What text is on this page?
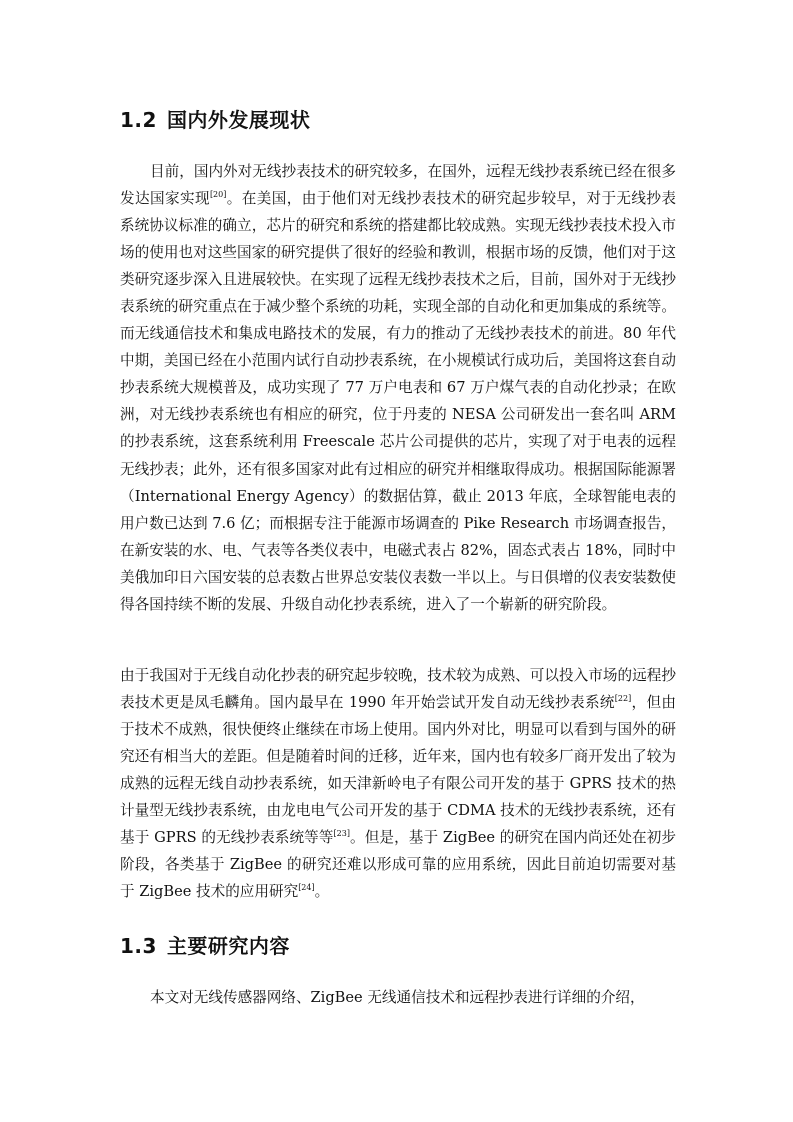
1.2 国内外发展现状

目前，国内外对无线抄表技术的研究较多，在国外，远程无线抄表系统已经在很多发达国家实现[20]。在美国，由于他们对无线抄表技术的研究起步较早，对于无线抄表系统协议标准的确立，芯片的研究和系统的搭建都比较成熟。实现无线抄表技术投入市场的使用也对这些国家的研究提供了很好的经验和教训，根据市场的反馈，他们对于这类研究逐步深入且进展较快。在实现了远程无线抄表技术之后，目前，国外对于无线抄表系统的研究重点在于减少整个系统的功耗，实现全部的自动化和更加集成的系统等。而无线通信技术和集成电路技术的发展，有力的推动了无线抄表技术的前进。80 年代中期，美国已经在小范围内试行自动抄表系统，在小规模试行成功后，美国将这套自动抄表系统大规模普及，成功实现了 77 万户电表和 67 万户煤气表的自动化抄录；在欧洲，对无线抄表系统也有相应的研究，位于丹麦的 NESA 公司研发出一套名叫 ARM 的抄表系统，这套系统利用 Freescale 芯片公司提供的芯片，实现了对于电表的远程无线抄表；此外，还有很多国家对此有过相应的研究并相继取得成功。根据国际能源署（International Energy Agency）的数据估算，截止 2013 年底，全球智能电表的用户数已达到 7.6 亿；而根据专注于能源市场调查的 Pike Research 市场调查报告，在新安装的水、电、气表等各类仪表中，电磁式表占 82%，固态式表占 18%，同时中美俄加印日六国安装的总表数占世界总安装仪表数一半以上。与日俱增的仪表安装数使得各国持续不断的发展、升级自动化抄表系统，进入了一个崭新的研究阶段。

由于我国对于无线自动化抄表的研究起步较晚，技术较为成熟、可以投入市场的远程抄表技术更是凤毛麟角。国内最早在 1990 年开始尝试开发自动无线抄表系统[22]，但由于技术不成熟，很快便终止继续在市场上使用。国内外对比，明显可以看到与国外的研究还有相当大的差距。但是随着时间的迁移，近年来，国内也有较多厂商开发出了较为成熟的远程无线自动抄表系统，如天津新岭电子有限公司开发的基于 GPRS 技术的热计量型无线抄表系统，由龙电电气公司开发的基于 CDMA 技术的无线抄表系统，还有基于 GPRS 的无线抄表系统等等[23]。但是，基于 ZigBee 的研究在国内尚还处在初步阶段，各类基于 ZigBee 的研究还难以形成可靠的应用系统，因此目前迫切需要对基于 ZigBee 技术的应用研究[24]。

1.3 主要研究内容

本文对无线传感器网络、ZigBee 无线通信技术和远程抄表进行详细的介绍，
